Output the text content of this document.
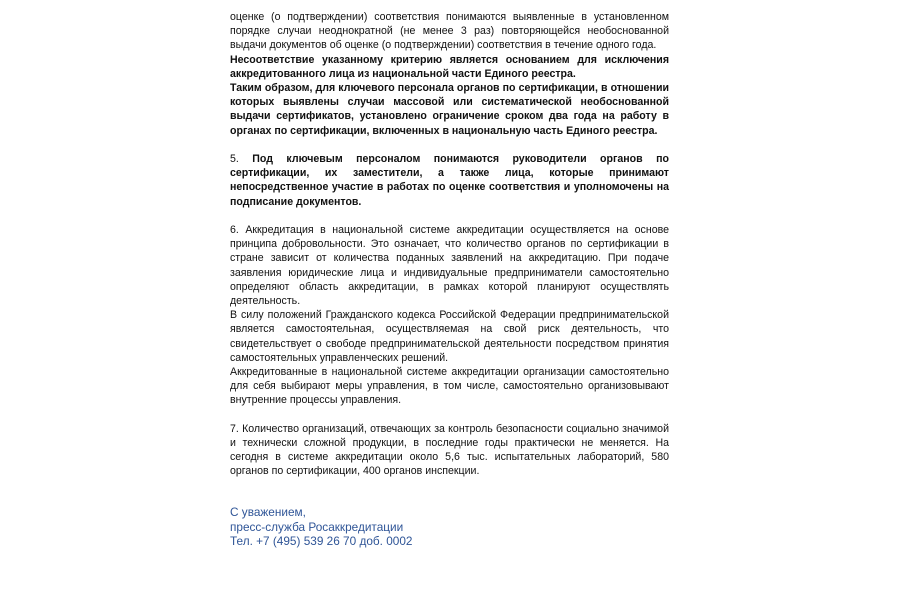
оценке (о подтверждении) соответствия понимаются выявленные в установленном порядке случаи неоднократной (не менее 3 раз) повторяющейся необоснованной выдачи документов об оценке (о подтверждении) соответствия в течение одного года.

Несоответствие указанному критерию является основанием для исключения аккредитованного лица из национальной части Единого реестра.

Таким образом, для ключевого персонала органов по сертификации, в отношении которых выявлены случаи массовой или систематической необоснованной выдачи сертификатов, установлено ограничение сроком два года на работу в органах по сертификации, включенных в национальную часть Единого реестра.

5. Под ключевым персоналом понимаются руководители органов по сертификации, их заместители, а также лица, которые принимают непосредственное участие в работах по оценке соответствия и уполномочены на подписание документов.

6. Аккредитация в национальной системе аккредитации осуществляется на основе принципа добровольности. Это означает, что количество органов по сертификации в стране зависит от количества поданных заявлений на аккредитацию. При подаче заявления юридические лица и индивидуальные предприниматели самостоятельно определяют область аккредитации, в рамках которой планируют осуществлять деятельность.

В силу положений Гражданского кодекса Российской Федерации предпринимательской является самостоятельная, осуществляемая на свой риск деятельность, что свидетельствует о свободе предпринимательской деятельности посредством принятия самостоятельных управленческих решений.

Аккредитованные в национальной системе аккредитации организации самостоятельно для себя выбирают меры управления, в том числе, самостоятельно организовывают внутренние процессы управления.

7. Количество организаций, отвечающих за контроль безопасности социально значимой и технически сложной продукции, в последние годы практически не меняется. На сегодня в системе аккредитации около 5,6 тыс. испытательных лабораторий, 580 органов по сертификации, 400 органов инспекции.

С уважением,
пресс-служба Росаккредитации
Тел. +7 (495) 539 26 70 доб. 0002
